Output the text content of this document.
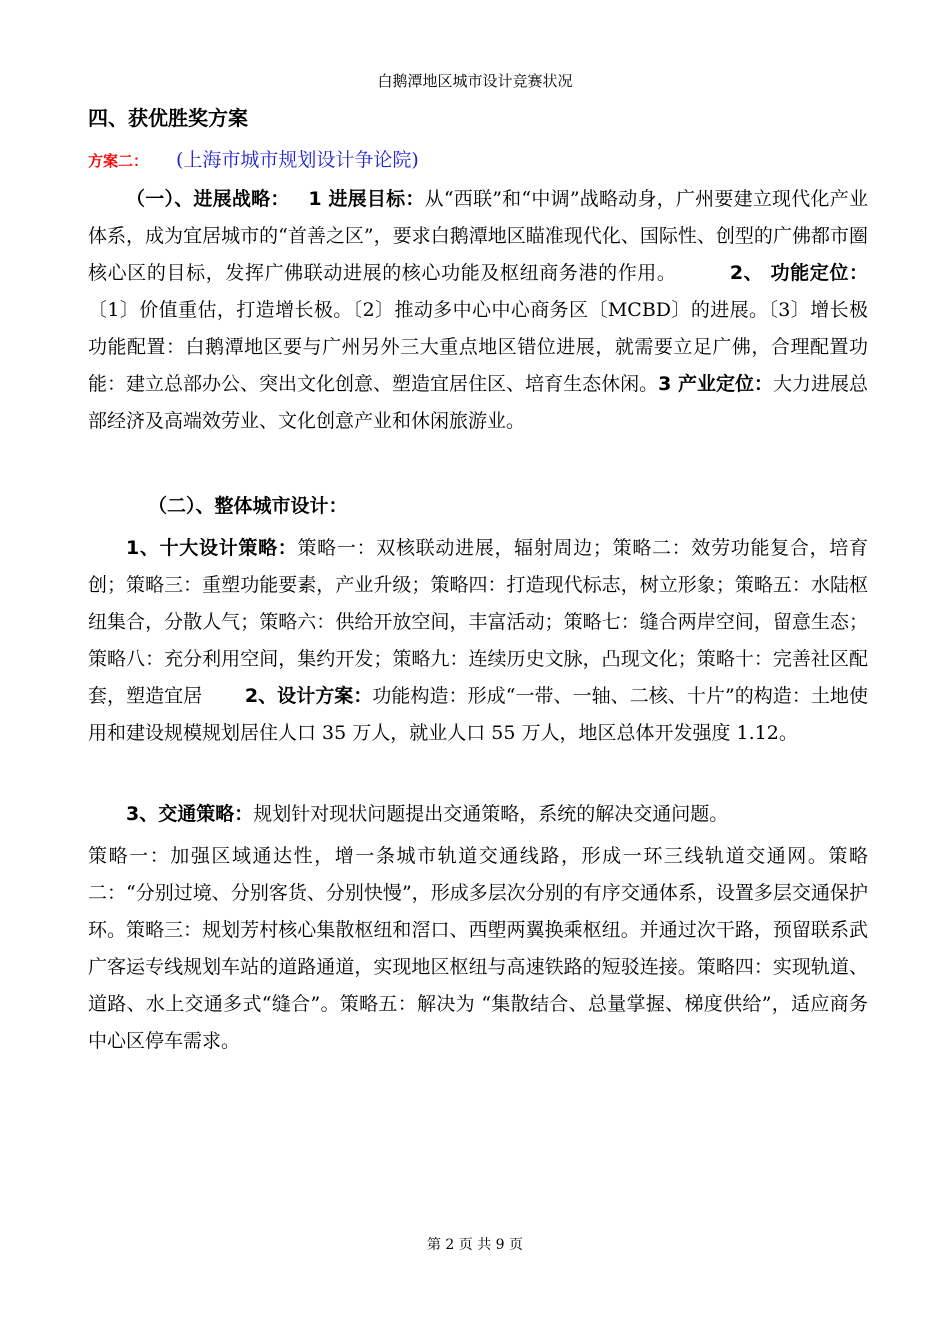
白鹅潭地区城市设计竞赛状况
四、获优胜奖方案
方案二： (上海市城市规划设计争论院)
（一）、进展战略： 1 进展目标：从“西联”和“中调”战略动身，广州要建立现代化产业体系，成为宜居城市的“首善之区”，要求白鹅潭地区瞄准现代化、国际性、创型的广佛都市圈核心区的目标，发挥广佛联动进展的核心功能及枢纽商务港的作用。	2、 功能定位：〔1〕价值重估，打造增长极。〔2〕推动多中心中心商务区〔MCBD〕的进展。〔3〕增长极功能配置：白鹅潭地区要与广州另外三大重点地区错位进展，就需要立足广佛，合理配置功能：建立总部办公、突出文化创意、塑造宜居住区、培育生态休闲。3 产业定位：大力进展总部经济及高端效劳业、文化创意产业和休闲旅游业。
（二）、整体城市设计：
1、十大设计策略：策略一：双核联动进展，辐射周边；策略二：效劳功能复合，培育创；策略三：重塑功能要素，产业升级；策略四：打造现代标志，树立形象；策略五：水陆枢纽集合，分散人气；策略六：供给开放空间，丰富活动；策略七：缝合两岸空间，留意生态；策略八：充分利用空间，集约开发；策略九：连续历史文脉，凸现文化；策略十：完善社区配套，塑造宜居 2、设计方案：功能构造：形成“一带、一轴、二核、十片”的构造：土地使用和建设规模规划居住人口 35 万人，就业人口 55 万人，地区总体开发强度 1.12。
3、交通策略：规划针对现状问题提出交通策略，系统的解决交通问题。
策略一：加强区域通达性，增一条城市轨道交通线路，形成一环三线轨道交通网。策略二：“分别过境、分别客货、分别快慢”，形成多层次分别的有序交通体系，设置多层交通保护环。策略三：规划芳村核心集散枢纽和滘口、西塱两翼换乘枢纽。并通过次干路，预留联系武广客运专线规划车站的道路通道，实现地区枢纽与高速铁路的短驳连接。策略四：实现轨道、道路、水上交通多式“缝合”。策略五：解决为 “集散结合、总量掌握、梯度供给”，适应商务中心区停车需求。
第 2 页 共 9 页
